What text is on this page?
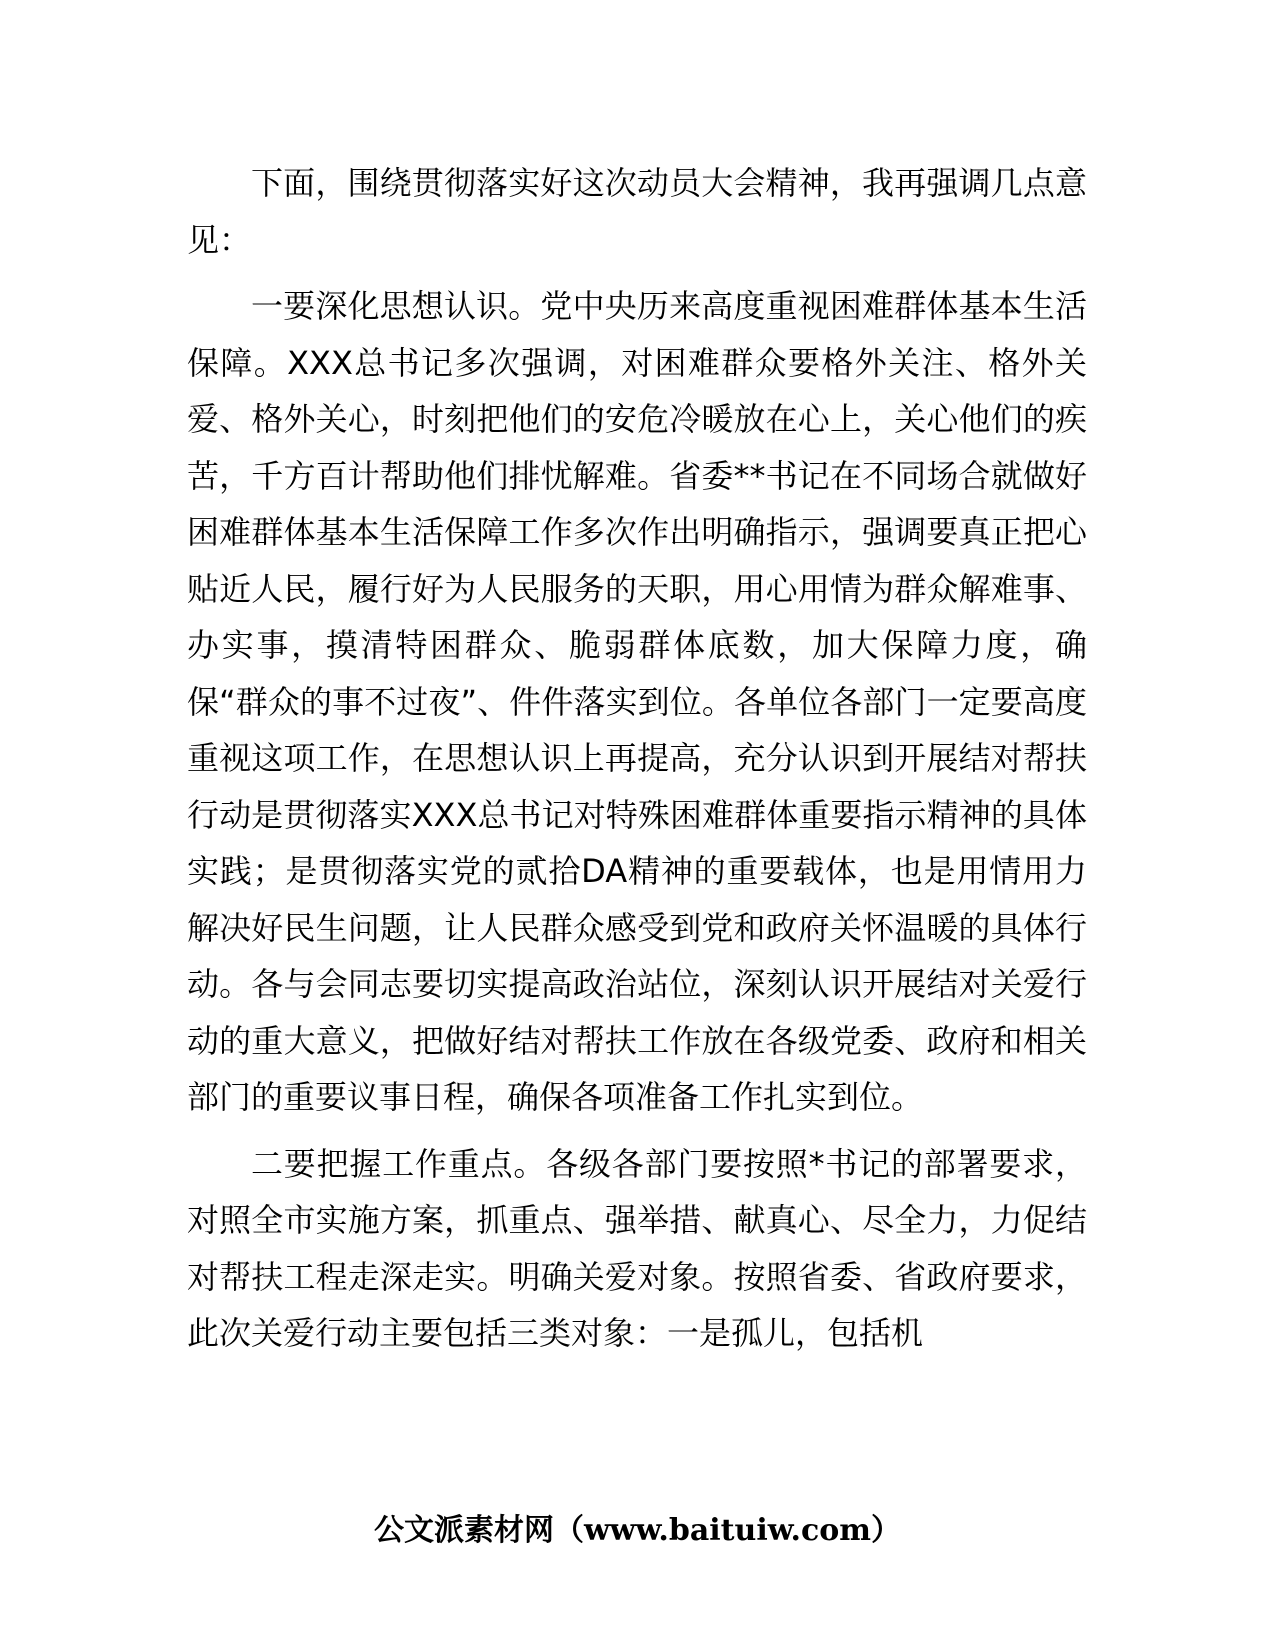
下面，围绕贯彻落实好这次动员大会精神，我再强调几点意见：

一要深化思想认识。党中央历来高度重视困难群体基本生活保障。XXX总书记多次强调，对困难群众要格外关注、格外关爱、格外关心，时刻把他们的安危冷暖放在心上，关心他们的疾苦，千方百计帮助他们排忧解难。省委**书记在不同场合就做好困难群体基本生活保障工作多次作出明确指示，强调要真正把心贴近人民，履行好为人民服务的天职，用心用情为群众解难事、办实事，摸清特困群众、脆弱群体底数，加大保障力度，确保“群众的事不过夜”、件件落实到位。各单位各部门一定要高度重视这项工作，在思想认识上再提高，充分认识到开展结对帮扶行动是贯彻落实XXX总书记对特殊困难群体重要指示精神的具体实践；是贯彻落实党的贰拾DA精神的重要载体，也是用情用力解决好民生问题，让人民群众感受到党和政府关怀温暖的具体行动。各与会同志要切实提高政治站位，深刻认识开展结对关爱行动的重大意义，把做好结对帮扶工作放在各级党委、政府和相关部门的重要议事日程，确保各项准备工作扎实到位。

二要把握工作重点。各级各部门要按照*书记的部署要求，对照全市实施方案，抓重点、强举措、献真心、尽全力，力促结对帮扶工程走深走实。明确关爱对象。按照省委、省政府要求，此次关爱行动主要包括三类对象：一是孤儿，包括机

公文派素材网（www.baituiw.com）
